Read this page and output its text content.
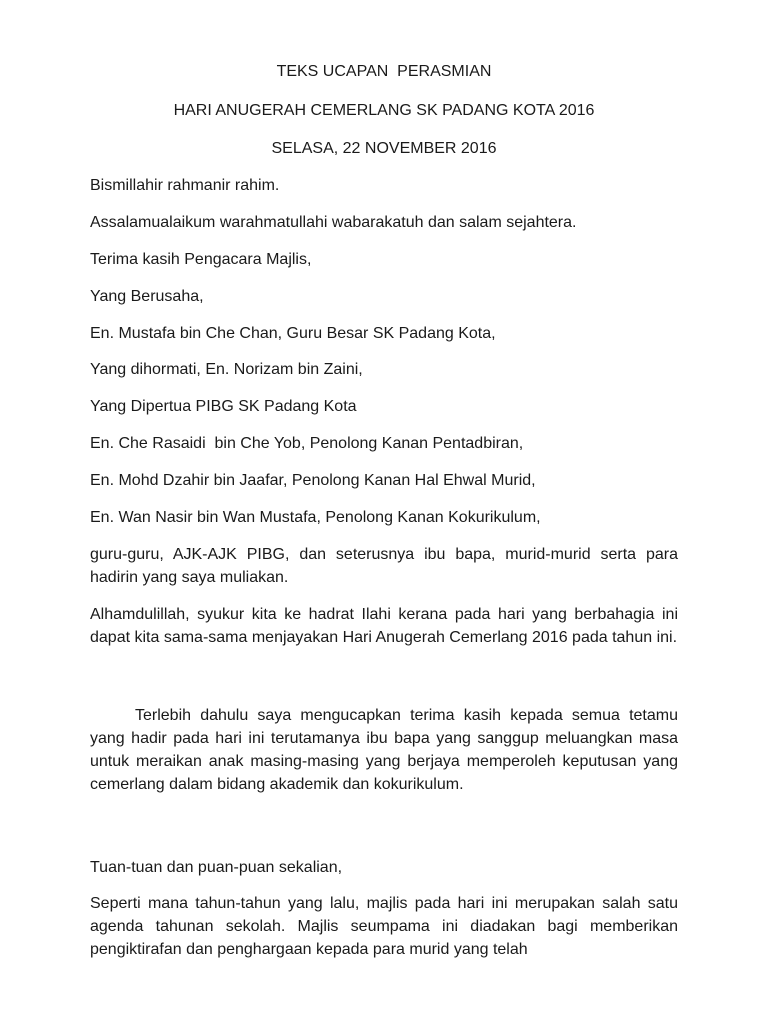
TEKS UCAPAN  PERASMIAN
HARI ANUGERAH CEMERLANG SK PADANG KOTA 2016
SELASA, 22 NOVEMBER 2016
Bismillahir rahmanir rahim.
Assalamualaikum warahmatullahi wabarakatuh dan salam sejahtera.
Terima kasih Pengacara Majlis,
Yang Berusaha,
En. Mustafa bin Che Chan, Guru Besar SK Padang Kota,
Yang dihormati, En. Norizam bin Zaini,
Yang Dipertua PIBG SK Padang Kota
En. Che Rasaidi  bin Che Yob, Penolong Kanan Pentadbiran,
En. Mohd Dzahir bin Jaafar, Penolong Kanan Hal Ehwal Murid,
En. Wan Nasir bin Wan Mustafa, Penolong Kanan Kokurikulum,
guru-guru, AJK-AJK PIBG, dan seterusnya ibu bapa, murid-murid serta para hadirin yang saya muliakan.
Alhamdulillah, syukur kita ke hadrat Ilahi kerana pada hari yang berbahagia ini dapat kita sama-sama menjayakan Hari Anugerah Cemerlang 2016 pada tahun ini.
Terlebih dahulu saya mengucapkan terima kasih kepada semua tetamu yang hadir pada hari ini terutamanya ibu bapa yang sanggup meluangkan masa untuk meraikan anak masing-masing yang berjaya memperoleh keputusan yang cemerlang dalam bidang akademik dan kokurikulum.
Tuan-tuan dan puan-puan sekalian,
Seperti mana tahun-tahun yang lalu, majlis pada hari ini merupakan salah satu agenda tahunan sekolah. Majlis seumpama ini diadakan bagi memberikan pengiktirafan dan penghargaan kepada para murid yang telah
